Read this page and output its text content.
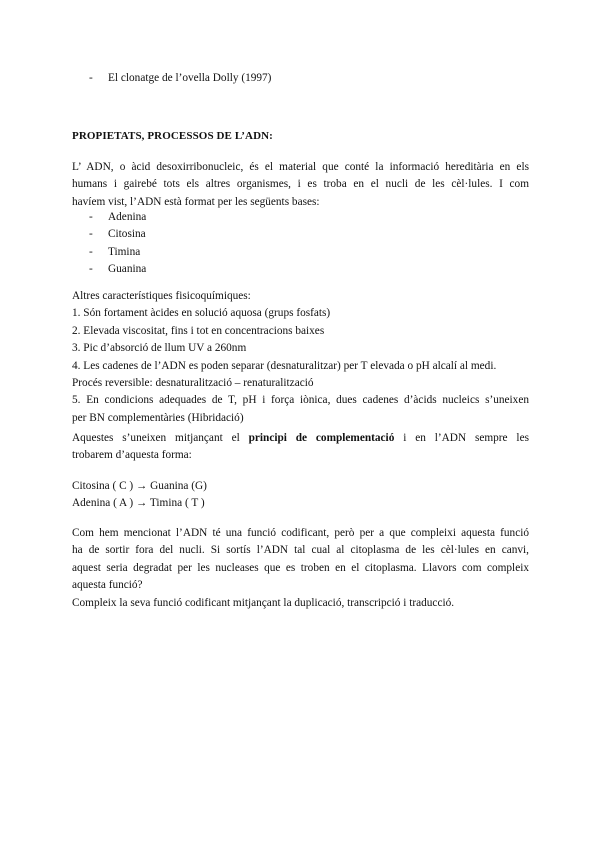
- El clonatge de l’ovella Dolly (1997)

PROPIETATS, PROCESSOS DE L’ADN:

L’ ADN, o àcid desoxirribonucleic, és el material que conté la informació hereditària en els
humans i gairebé tots els altres organismes, i es troba en el nucli de les cèl·lules. I com
havíem vist, l’ADN està format per les següents bases:

- Adenina
- Citosina
- Timina
- Guanina
Altres característiques fisicoquímiques:
1. Són fortament àcides en solució aquosa (grups fosfats)
2. Elevada viscositat, fins i tot en concentracions baixes
3. Pic d’absorció de llum UV a 260nm
4. Les cadenes de l’ADN es poden separar (desnaturalitzar) per T elevada o pH alcalí al medi.
Procés reversible: desnaturalització – renaturalització
5. En condicions adequades de T, pH i força iònica, dues cadenes d’àcids nucleics s’uneixen
per BN complementàries (Hibridació)

Aquestes s’uneixen mitjançant el principi de complementació i en l’ADN sempre les
trobarem d’aquesta forma:

Citosina ( C ) → Guanina (G)
Adenina ( A ) → Timina ( T )

Com hem mencionat l’ADN té una funció codificant, però per a que compleixi aquesta funció
ha de sortir fora del nucli. Si sortís l’ADN tal cual al citoplasma de les cèl·lules en canvi,
aquest seria degradat per les nucleases que es troben en el citoplasma. Llavors com compleix
aquesta funció?
Compleix la seva funció codificant mitjançant la duplicació, transcripció i traducció.
